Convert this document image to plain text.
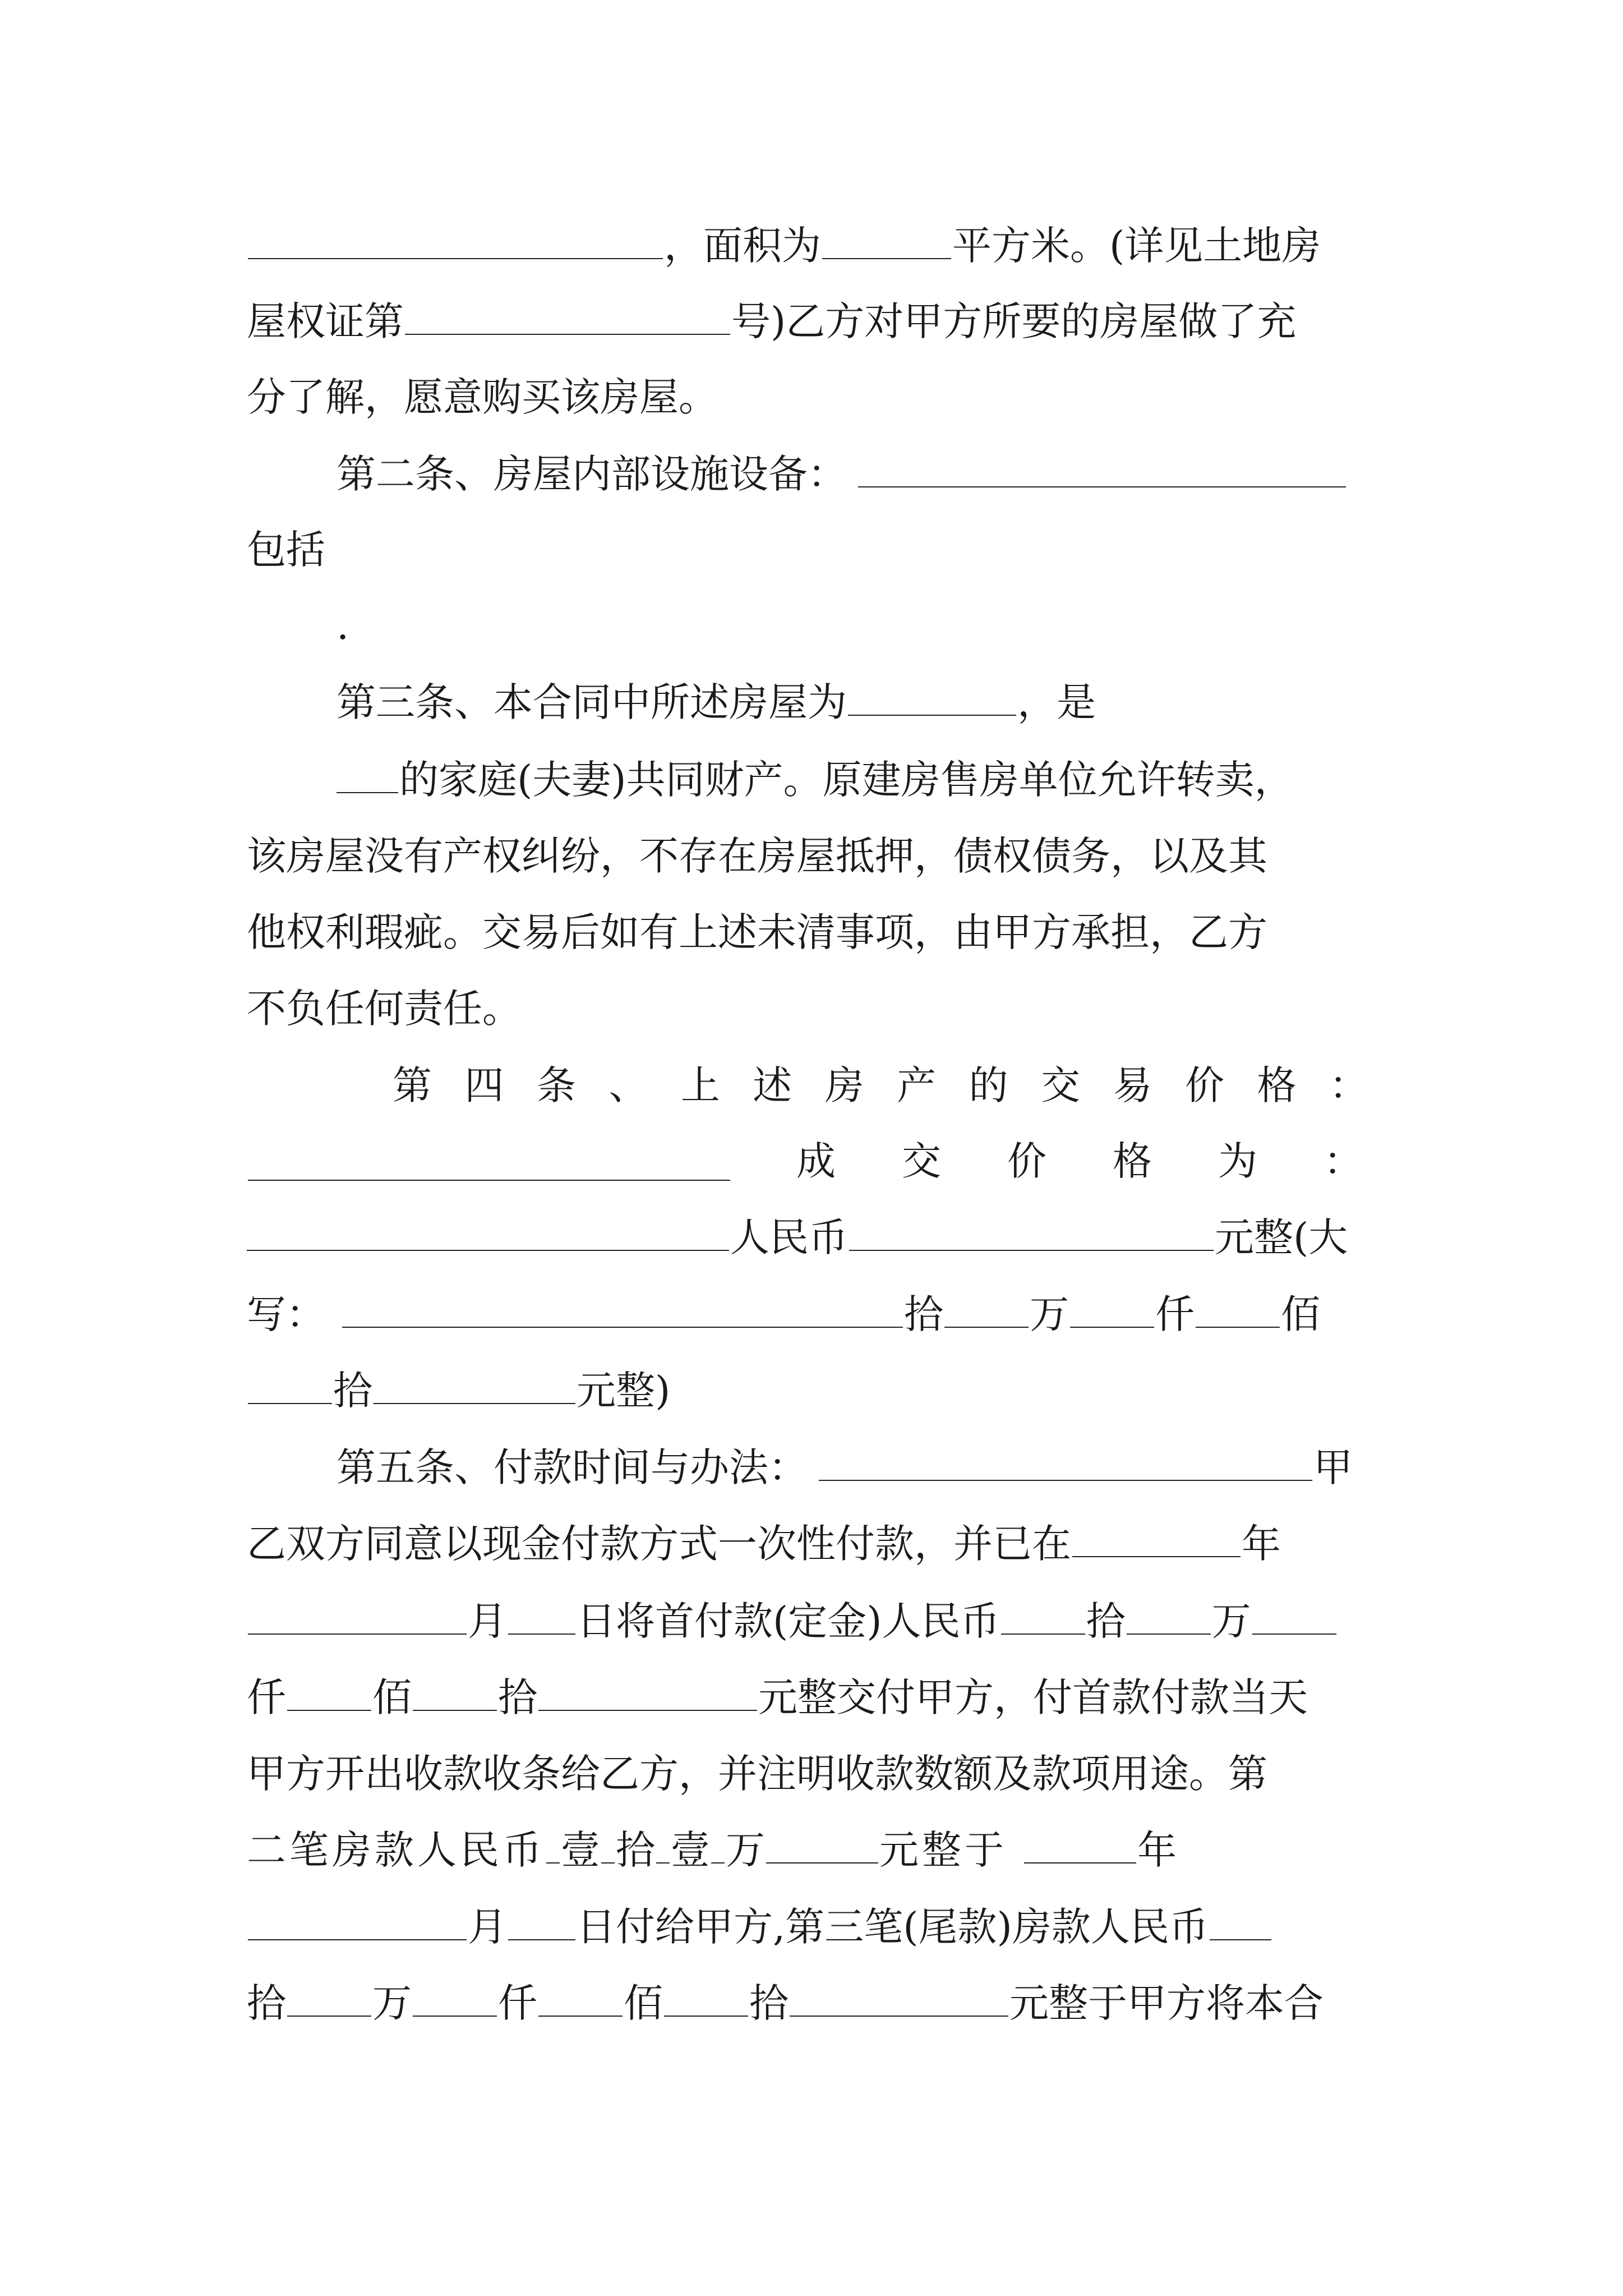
，面积为	平方米。(详见土地房
屋权证第	号)乙方对甲方所要的房屋做了充
分了解，愿意购买该房屋。
第二条、房屋内部设施设备：
包括
.
第三条、本合同中所述房屋为	，是
的家庭(夫妻)共同财产。原建房售房单位允许转卖，
该房屋没有产权纠纷，不存在房屋抵押，债权债务，以及其
他权利瑕疵。交易后如有上述未清事项，由甲方承担，乙方
不负任何责任。
第 四 条 、 上 述 房 产 的 交 易 价 格 ：
成 交 价 格 为 ：
人民币	元整(大
写：	拾 万 仟 佰
拾	元整)
第五条、付款时间与办法：	甲
乙双方同意以现金付款方式一次性付款，并已在	年
月 日将首付款(定金)人民币 拾 万
仟 佰 拾	元整交付甲方，付首款付款当天
甲方开出收款收条给乙方，并注明收款数额及款项用途。第
二笔房款人民币 壹 拾 壹 万	元整于	年
月 日付给甲方,第三笔(尾款)房款人民币
拾 万 仟 佰 拾	元整于甲方将本合
